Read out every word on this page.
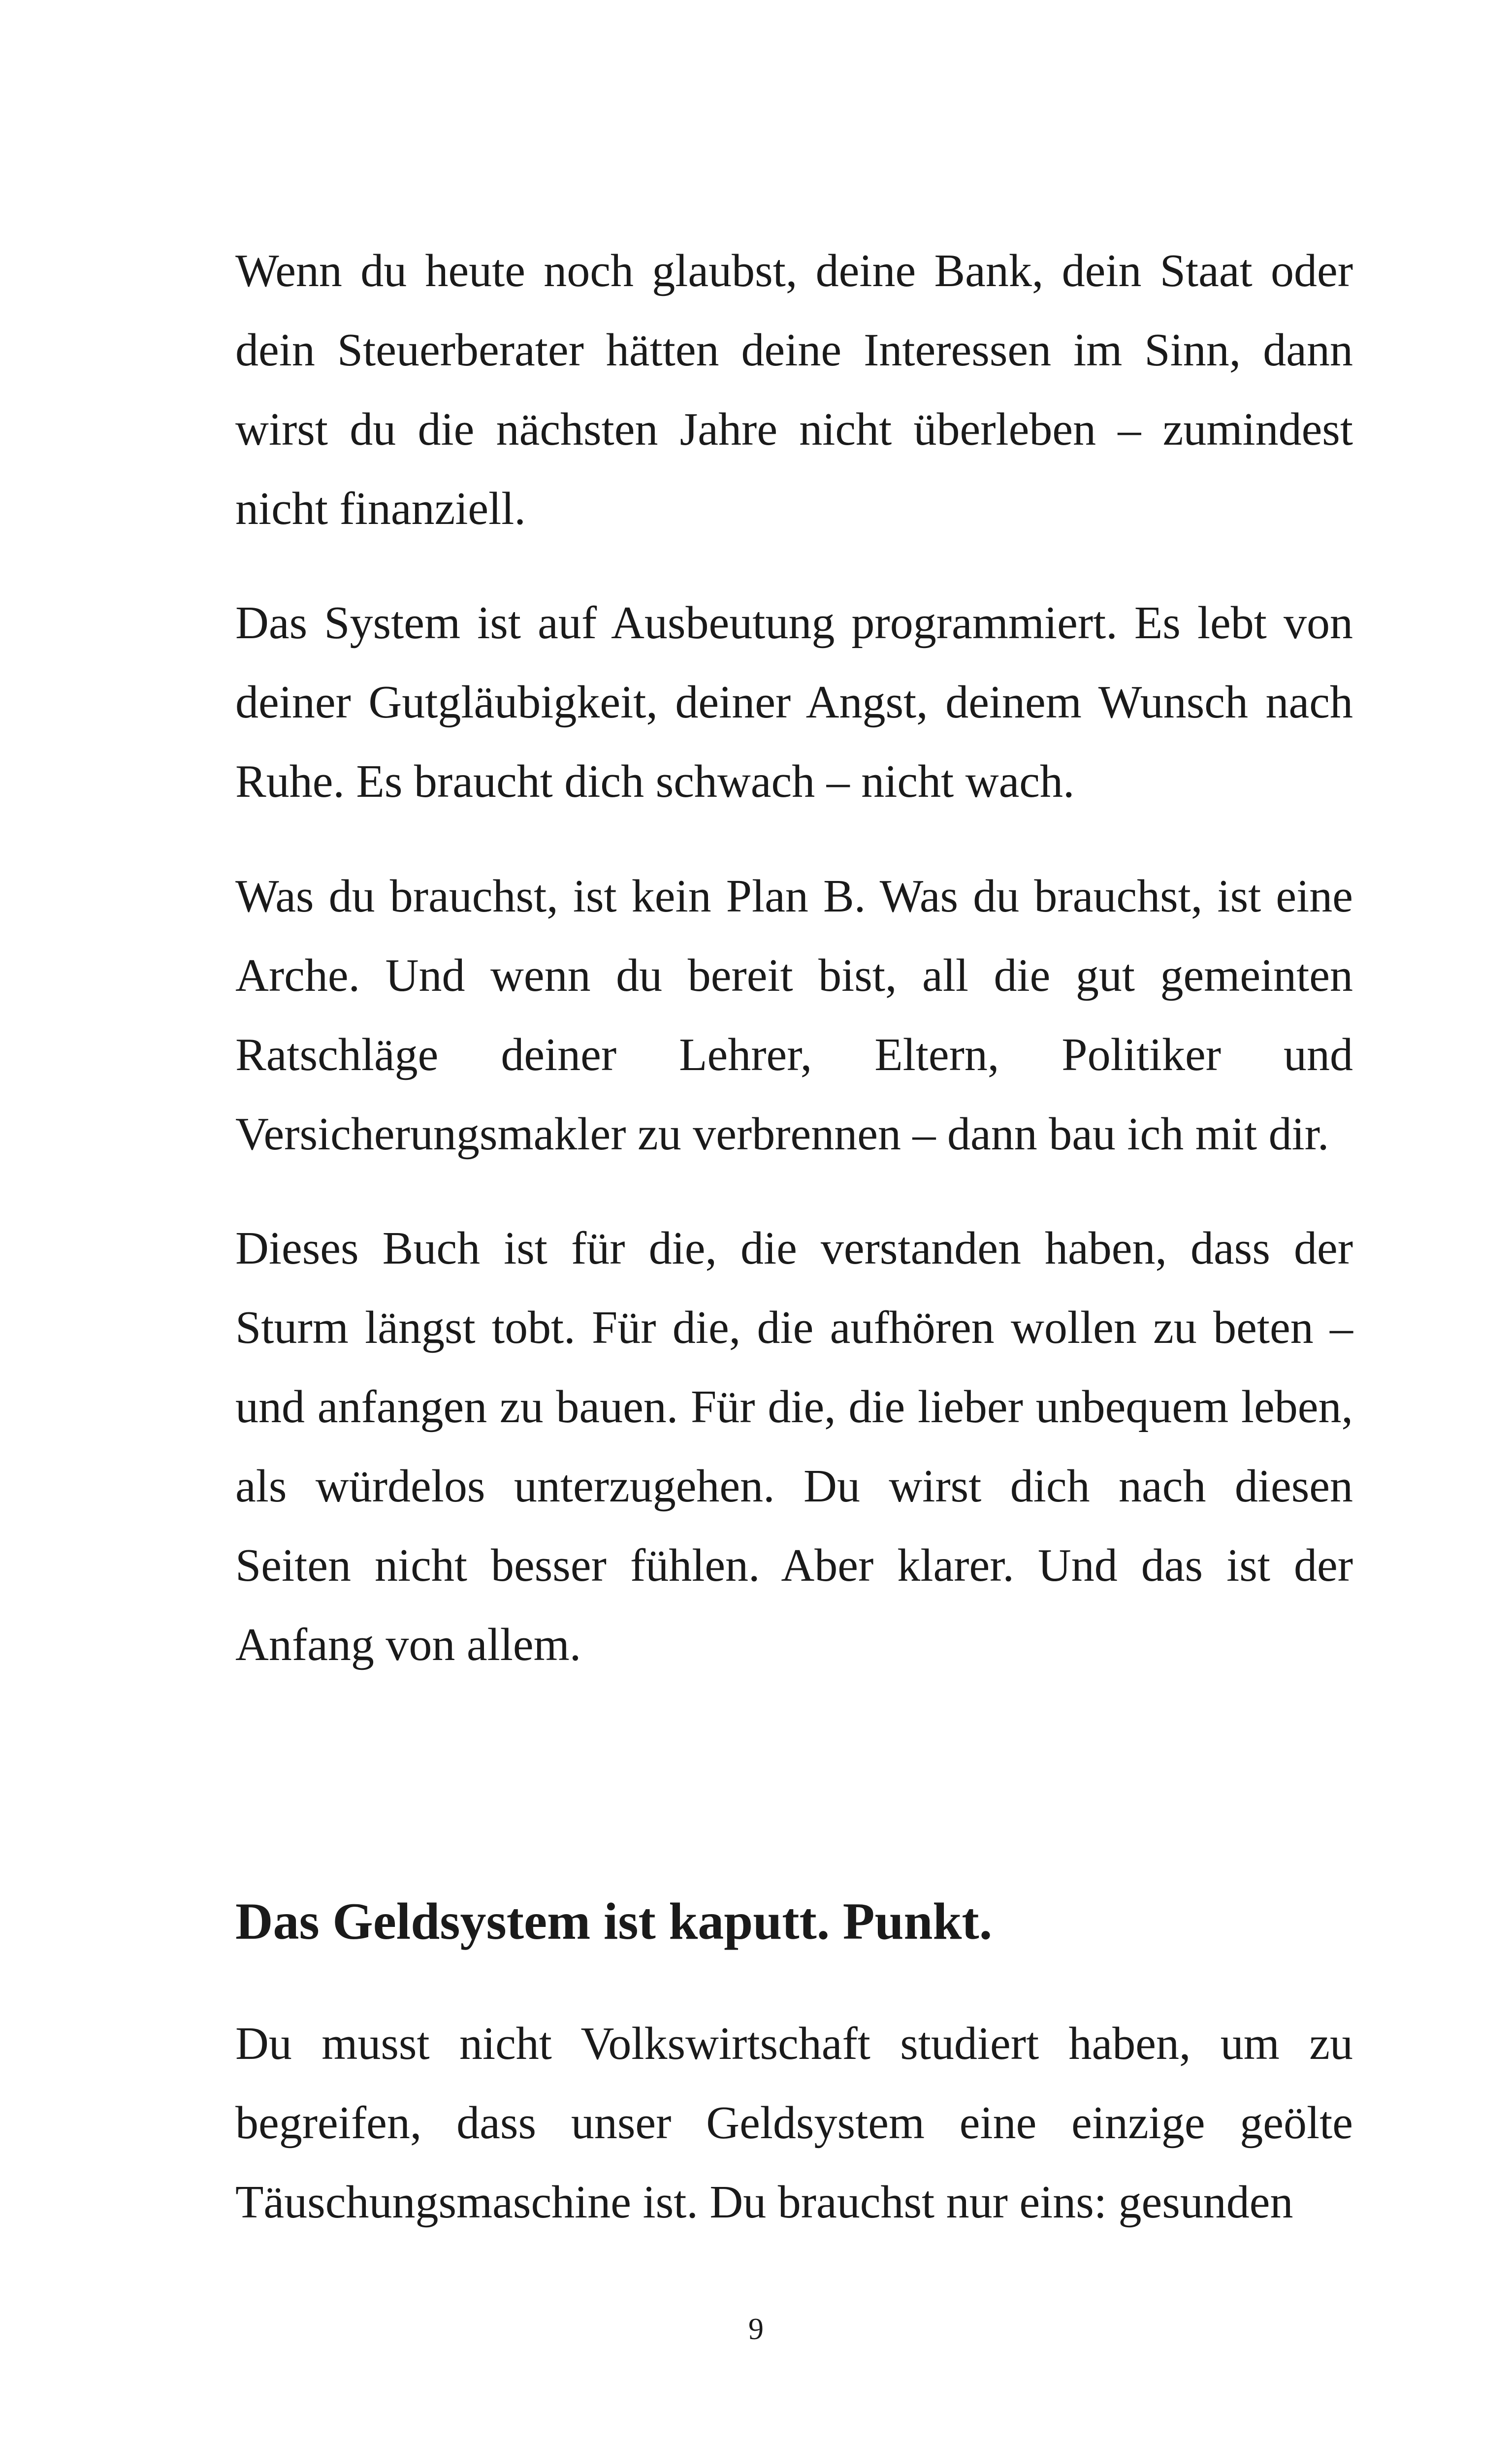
Wenn du heute noch glaubst, deine Bank, dein Staat oder dein Steuerberater hätten deine Interessen im Sinn, dann wirst du die nächsten Jahre nicht überleben – zumindest nicht finanziell.

Das System ist auf Ausbeutung programmiert. Es lebt von deiner Gutgläubigkeit, deiner Angst, deinem Wunsch nach Ruhe. Es braucht dich schwach – nicht wach.

Was du brauchst, ist kein Plan B. Was du brauchst, ist eine Arche. Und wenn du bereit bist, all die gut gemeinten Ratschläge deiner Lehrer, Eltern, Politiker und Versicherungsmakler zu verbrennen – dann bau ich mit dir.

Dieses Buch ist für die, die verstanden haben, dass der Sturm längst tobt. Für die, die aufhören wollen zu beten – und anfangen zu bauen. Für die, die lieber unbequem leben, als würdelos unterzugehen. Du wirst dich nach diesen Seiten nicht besser fühlen. Aber klarer. Und das ist der Anfang von allem.

Das Geldsystem ist kaputt. Punkt.

Du musst nicht Volkswirtschaft studiert haben, um zu begreifen, dass unser Geldsystem eine einzige geölte Täuschungsmaschine ist. Du brauchst nur eins: gesunden

9
